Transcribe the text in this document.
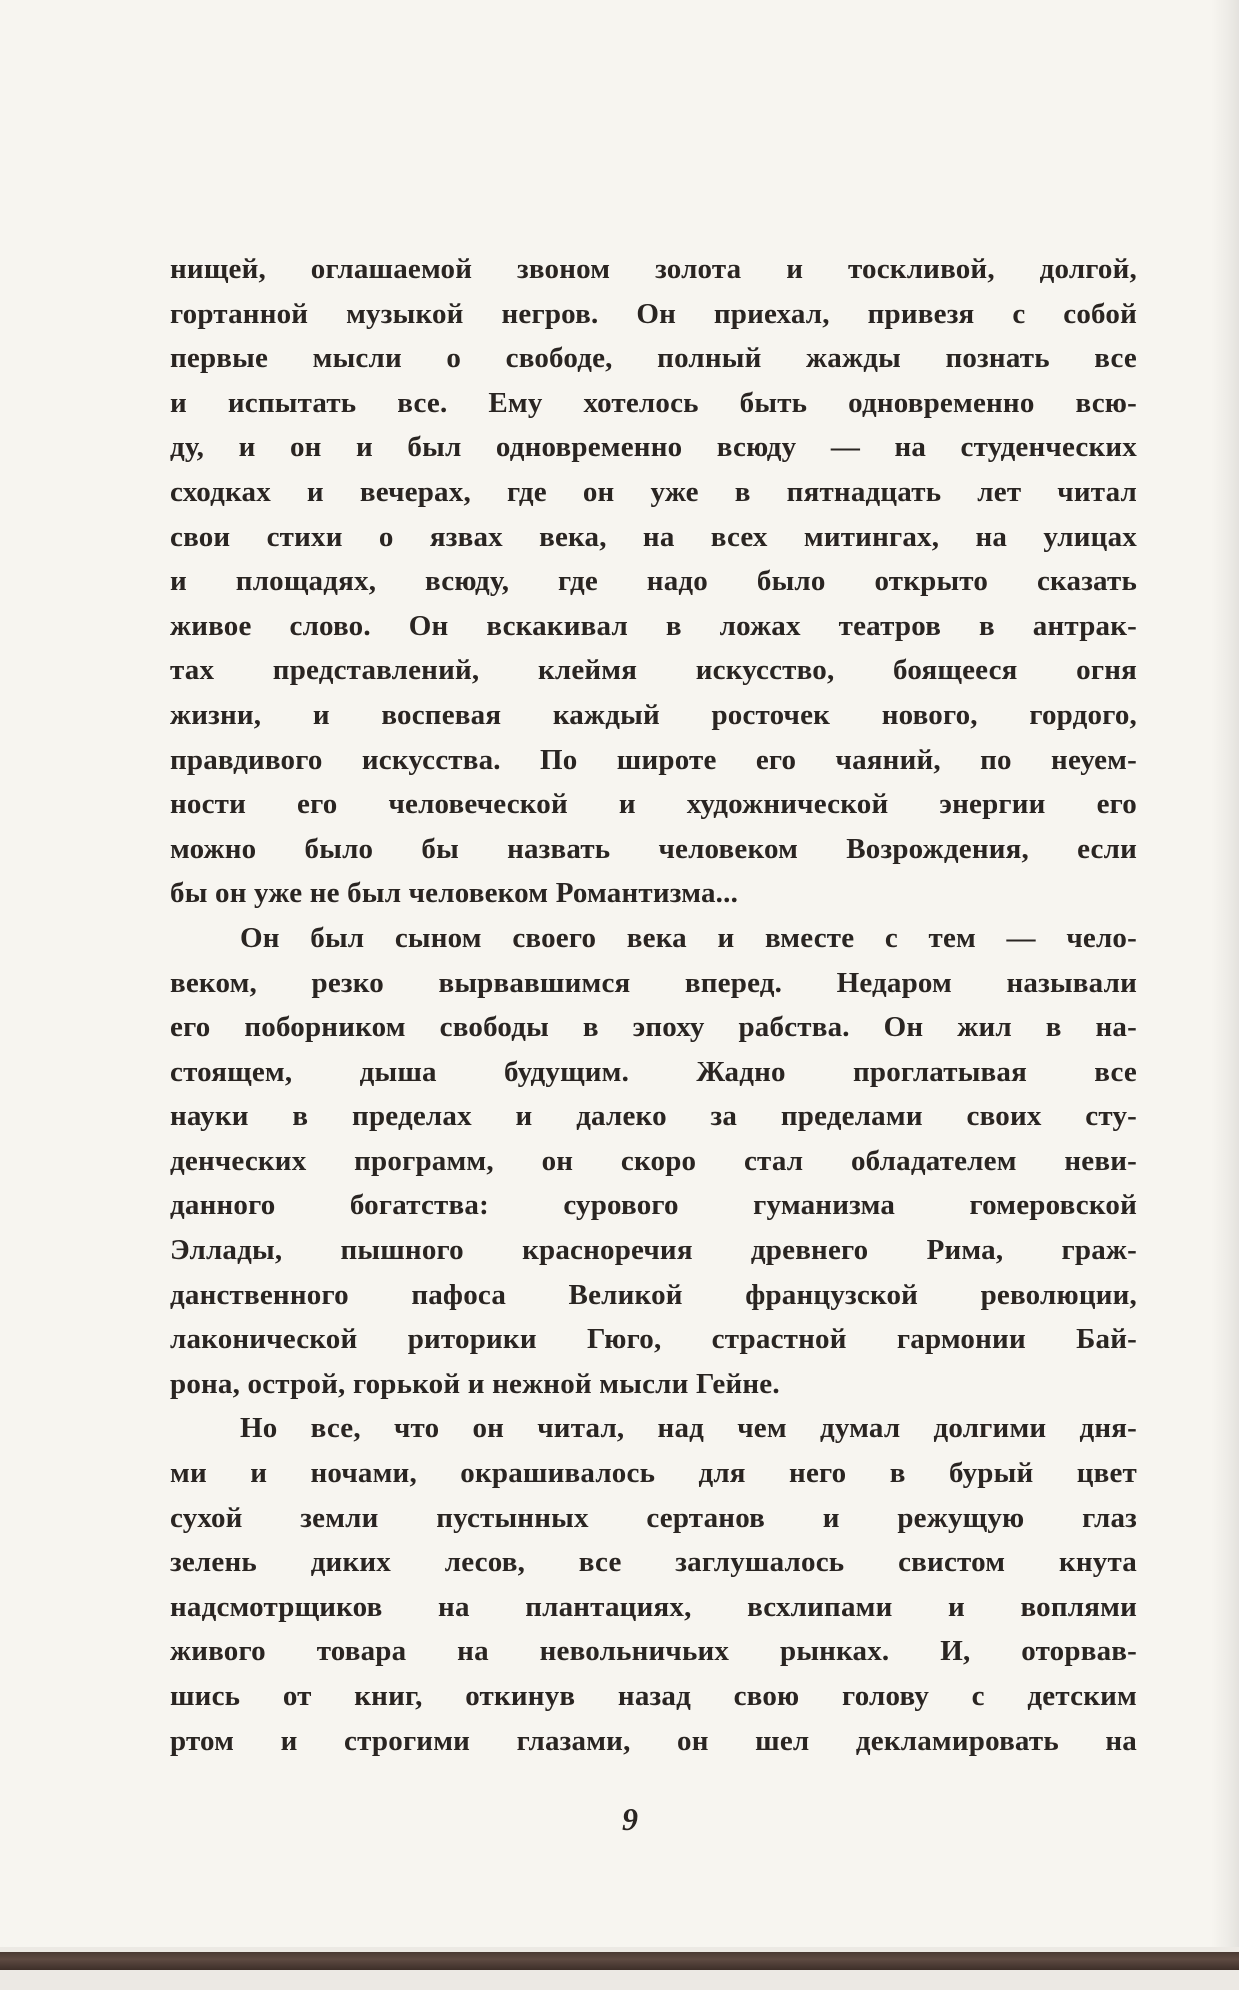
нищей, оглашаемой звоном золота и тоскливой, долгой,
гортанной музыкой негров. Он приехал, привезя с собой
первые мысли о свободе, полный жажды познать все
и испытать все. Ему хотелось быть одновременно всю-
ду, и он и был одновременно всюду — на студенческих
сходках и вечерах, где он уже в пятнадцать лет читал
свои стихи о язвах века, на всех митингах, на улицах
и площадях, всюду, где надо было открыто сказать
живое слово. Он вскакивал в ложах театров в антрак-
тах представлений, клеймя искусство, боящееся огня
жизни, и воспевая каждый росточек нового, гордого,
правдивого искусства. По широте его чаяний, по неуем-
ности его человеческой и художнической энергии его
можно было бы назвать человеком Возрождения, если
бы он уже не был человеком Романтизма...
Он был сыном своего века и вместе с тем — чело-
веком, резко вырвавшимся вперед. Недаром называли
его поборником свободы в эпоху рабства. Он жил в на-
стоящем, дыша будущим. Жадно проглатывая все
науки в пределах и далеко за пределами своих сту-
денческих программ, он скоро стал обладателем неви-
данного богатства: сурового гуманизма гомеровской
Эллады, пышного красноречия древнего Рима, граж-
данственного пафоса Великой французской революции,
лаконической риторики Гюго, страстной гармонии Бай-
рона, острой, горькой и нежной мысли Гейне.
Но все, что он читал, над чем думал долгими дня-
ми и ночами, окрашивалось для него в бурый цвет
сухой земли пустынных сертанов и режущую глаз
зелень диких лесов, все заглушалось свистом кнута
надсмотрщиков на плантациях, всхлипами и воплями
живого товара на невольничьих рынках. И, оторвав-
шись от книг, откинув назад свою голову с детским
ртом и строгими глазами, он шел декламировать на
9
